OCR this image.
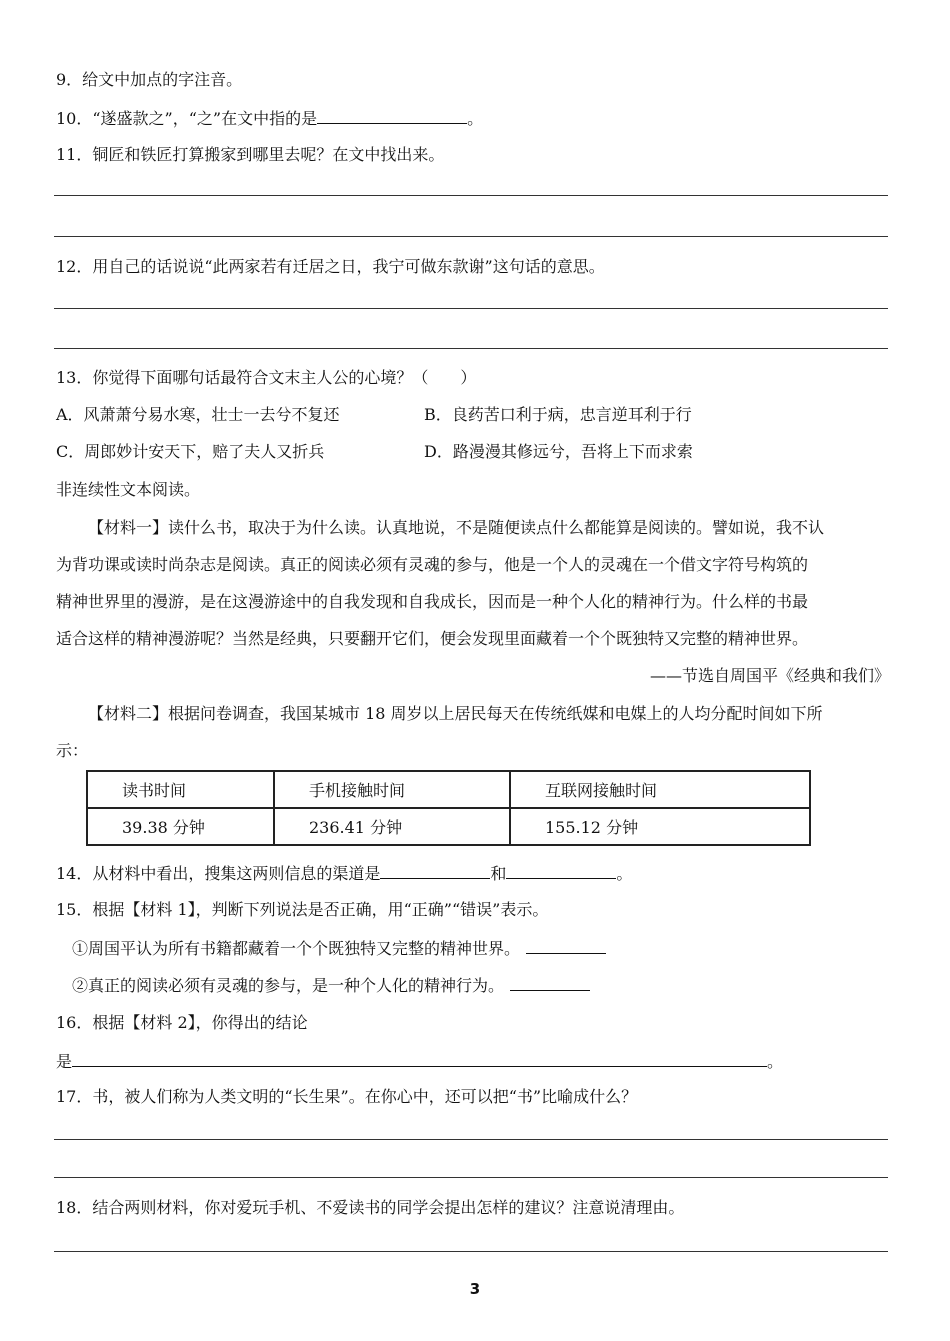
9．给文中加点的字注音。
10．“遂盛款之”，“之”在文中指的是	。
11．铜匠和铁匠打算搬家到哪里去呢？在文中找出来。
12．用自己的话说说“此两家若有迁居之日，我宁可做东款谢”这句话的意思。
13．你觉得下面哪句话最符合文末主人公的心境？（　　）
A．风萧萧兮易水寒，壮士一去兮不复还	B．良药苦口利于病，忠言逆耳利于行
C．周郎妙计安天下，赔了夫人又折兵	D．路漫漫其修远兮，吾将上下而求索
非连续性文本阅读。
【材料一】读什么书，取决于为什么读。认真地说，不是随便读点什么都能算是阅读的。譬如说，我不认
为背功课或读时尚杂志是阅读。真正的阅读必须有灵魂的参与，他是一个人的灵魂在一个借文字符号构筑的
精神世界里的漫游，是在这漫游途中的自我发现和自我成长，因而是一种个人化的精神行为。什么样的书最
适合这样的精神漫游呢？当然是经典，只要翻开它们，便会发现里面藏着一个个既独特又完整的精神世界。
——节选自周国平《经典和我们》
【材料二】根据问卷调查，我国某城市 18 周岁以上居民每天在传统纸媒和电媒上的人均分配时间如下所
示：
读书时间	手机接触时间	互联网接触时间
39.38 分钟	236.41 分钟	155.12 分钟
14．从材料中看出，搜集这两则信息的渠道是	和	。
15．根据【材料 1】，判断下列说法是否正确，用“正确”“错误”表示。
①周国平认为所有书籍都藏着一个个既独特又完整的精神世界。
②真正的阅读必须有灵魂的参与，是一种个人化的精神行为。
16．根据【材料 2】，你得出的结论
是	。
17．书，被人们称为人类文明的“长生果”。在你心中，还可以把“书”比喻成什么？
18．结合两则材料，你对爱玩手机、不爱读书的同学会提出怎样的建议？注意说清理由。
3
